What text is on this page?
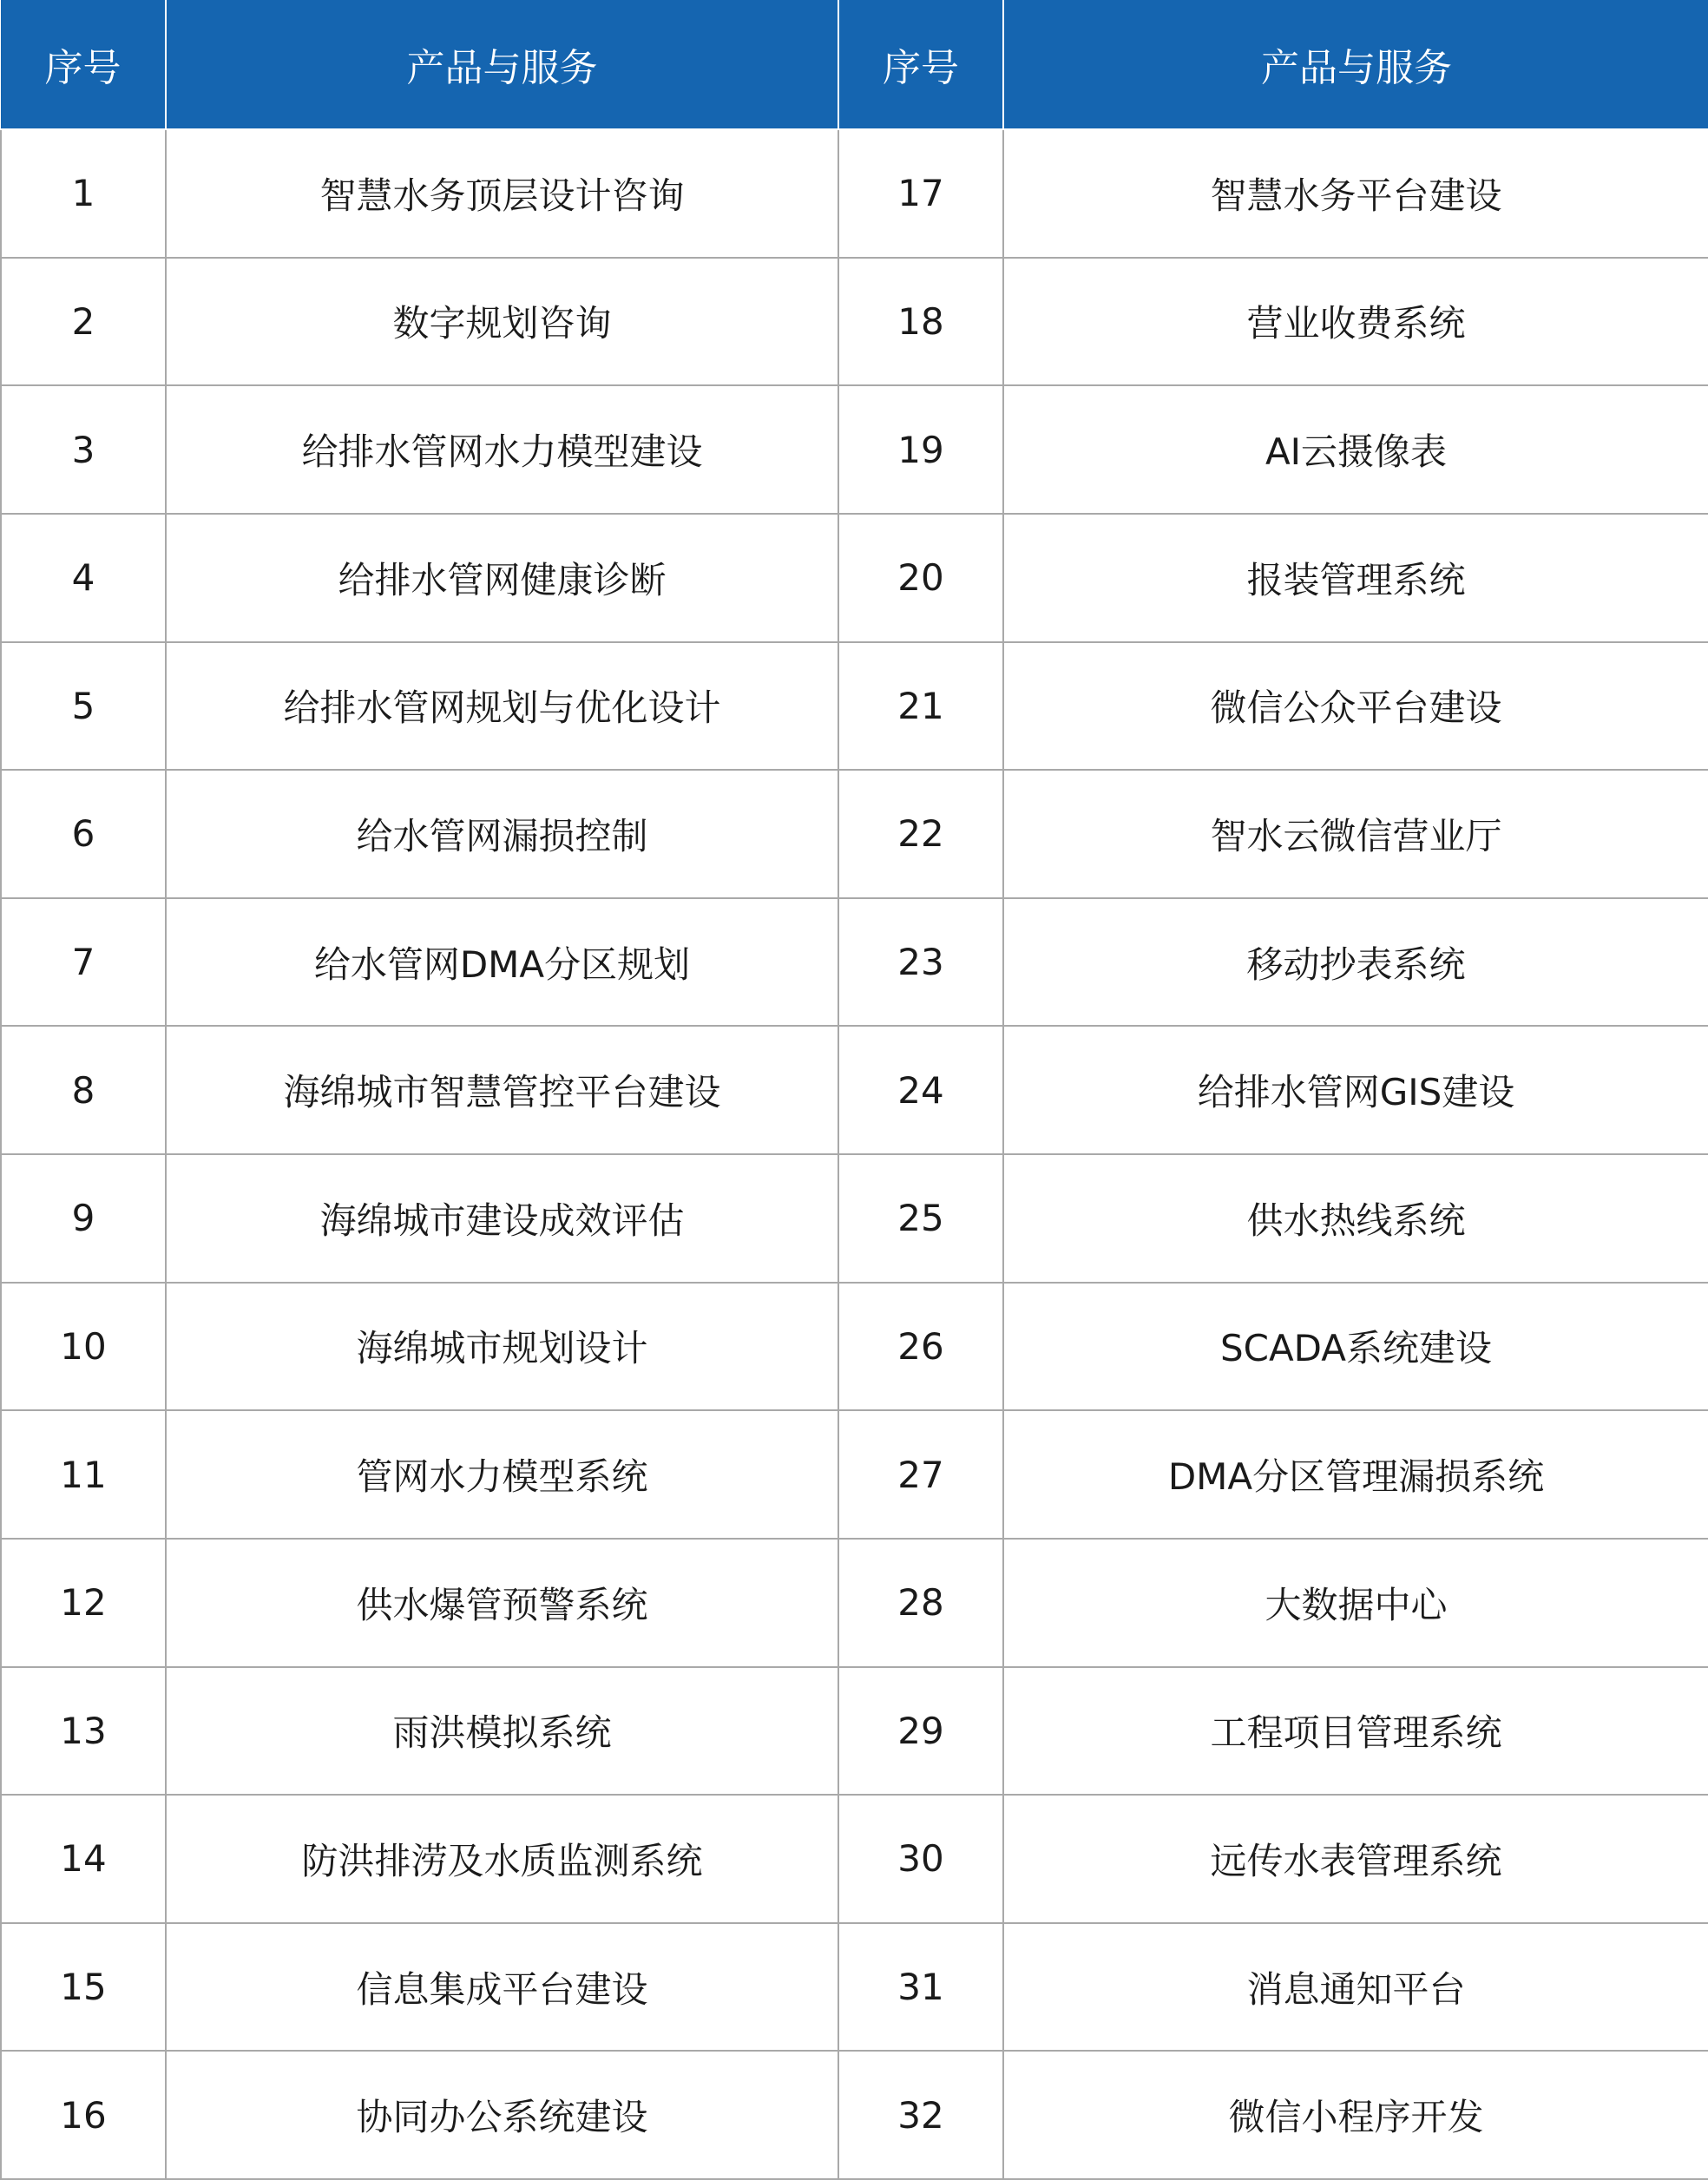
序号	产品与服务	序号	产品与服务
1	智慧水务顶层设计咨询	17	智慧水务平台建设
2	数字规划咨询	18	营业收费系统
3	给排水管网水力模型建设	19	AI云摄像表
4	给排水管网健康诊断	20	报装管理系统
5	给排水管网规划与优化设计	21	微信公众平台建设
6	给水管网漏损控制	22	智水云微信营业厅
7	给水管网DMA分区规划	23	移动抄表系统
8	海绵城市智慧管控平台建设	24	给排水管网GIS建设
9	海绵城市建设成效评估	25	供水热线系统
10	海绵城市规划设计	26	SCADA系统建设
11	管网水力模型系统	27	DMA分区管理漏损系统
12	供水爆管预警系统	28	大数据中心
13	雨洪模拟系统	29	工程项目管理系统
14	防洪排涝及水质监测系统	30	远传水表管理系统
15	信息集成平台建设	31	消息通知平台
16	协同办公系统建设	32	微信小程序开发
